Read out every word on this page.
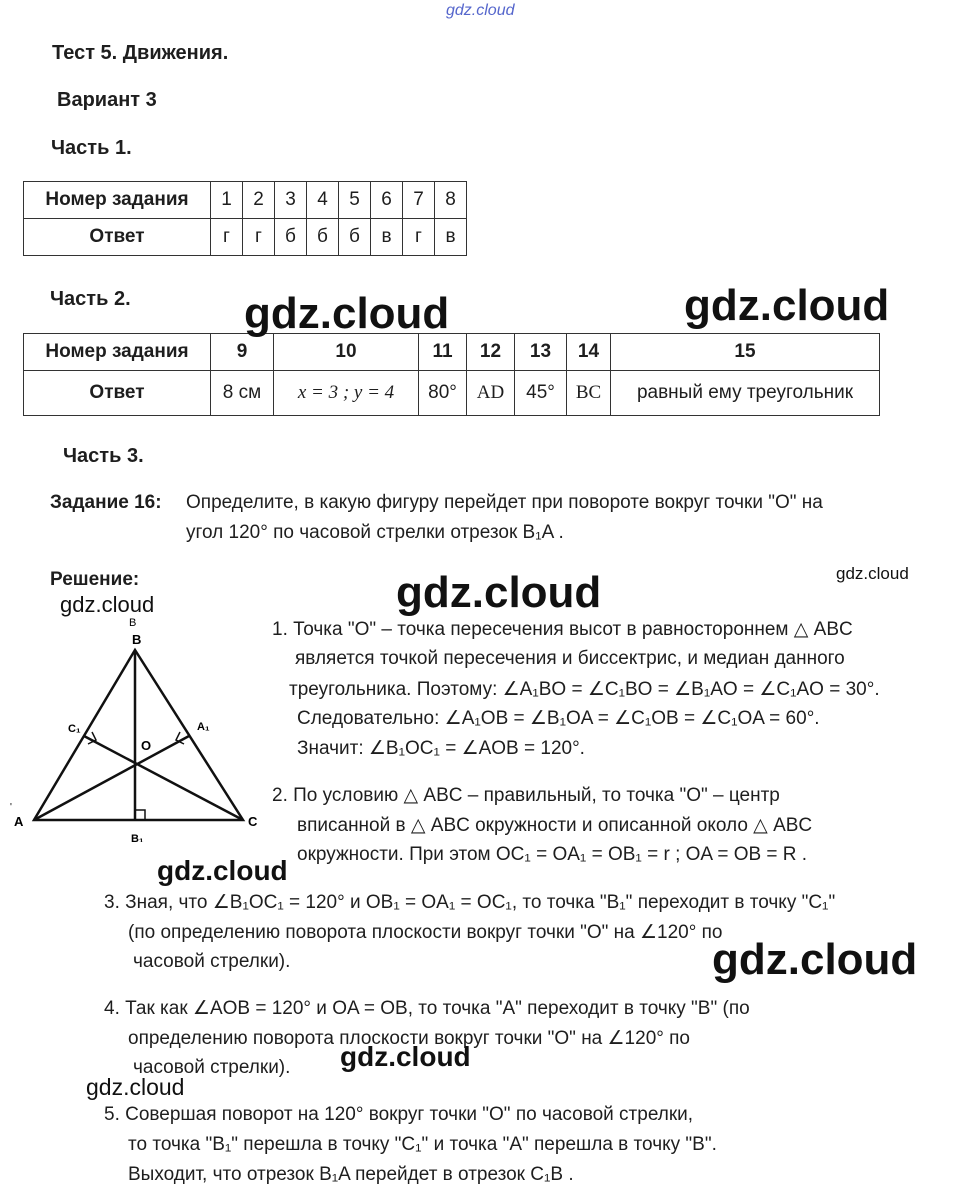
gdz.cloud
Тест 5. Движения.
Вариант 3
Часть 1.
Номер задания	1	2	3	4	5	6	7	8
Ответ	г	г	б	б	б	в	г	в
Часть 2.
Номер задания	9	10	11	12	13	14	15
Ответ	8 см	x = 3 ; y = 4	80°	AD	45°	BC	равный ему треугольник
Часть 3.
Задание 16: Определите, в какую фигуру перейдет при повороте вокруг точки "О" на
угол 120° по часовой стрелки отрезок B₁A .
Решение:
B
B
A	C
O
C₁	A₁
B₁
'
1. Точка "О" – точка пересечения высот в равностороннем △ ABC
является точкой пересечения и биссектрис, и медиан данного
треугольника. Поэтому: ∠A₁BO = ∠C₁BO = ∠B₁AO = ∠C₁AO = 30°.
Следовательно: ∠A₁OB = ∠B₁OA = ∠C₁OB = ∠C₁OA = 60°.
Значит: ∠B₁OC₁ = ∠AOB = 120°.
2. По условию △ ABC – правильный, то точка "О" – центр
вписанной в △ ABC окружности и описанной около △ ABC
окружности. При этом OC₁ = OA₁ = OB₁ = r ; OA = OB = R .
3. Зная, что ∠B₁OC₁ = 120° и OB₁ = OA₁ = OC₁, то точка "B₁" переходит в точку "C₁"
(по определению поворота плоскости вокруг точки "О" на ∠120° по
часовой стрелки).
4. Так как ∠AOB = 120° и OA = OB, то точка "A" переходит в точку "B" (по
определению поворота плоскости вокруг точки "О" на ∠120° по
часовой стрелки).
5. Совершая поворот на 120° вокруг точки "O" по часовой стрелки,
то точка "B₁" перешла в точку "C₁" и точка "A" перешла в точку "B".
Выходит, что отрезок B₁A перейдет в отрезок C₁B .
gdz.cloud	gdz.cloud
gdz.cloud	gdz.cloud
gdz.cloud
gdz.cloud
gdz.cloud
gdz.cloud
gdz.cloud
